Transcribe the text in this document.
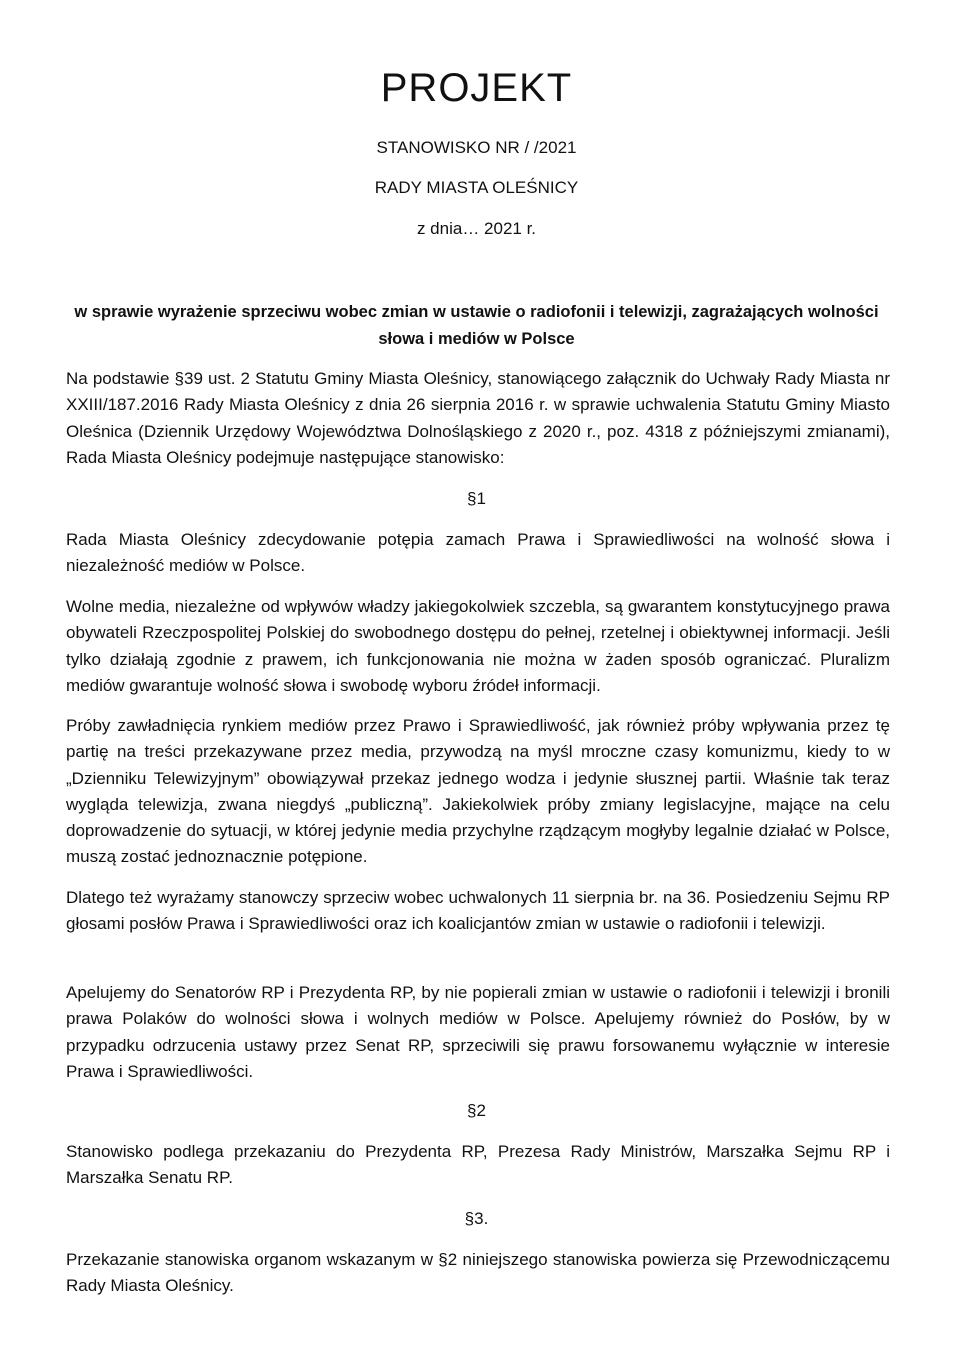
PROJEKT
STANOWISKO NR / /2021
RADY MIASTA OLEŚNICY
z dnia… 2021 r.
w sprawie wyrażenie sprzeciwu wobec zmian w ustawie o radiofonii i telewizji, zagrażających wolności słowa i mediów w Polsce

Na podstawie §39 ust. 2 Statutu Gminy Miasta Oleśnicy, stanowiącego załącznik do Uchwały Rady Miasta nr XXIII/187.2016 Rady Miasta Oleśnicy z dnia 26 sierpnia 2016 r. w sprawie uchwalenia Statutu Gminy Miasto Oleśnica (Dziennik Urzędowy Województwa Dolnośląskiego z 2020 r., poz. 4318 z późniejszymi zmianami), Rada Miasta Oleśnicy podejmuje następujące stanowisko:

§1

Rada Miasta Oleśnicy zdecydowanie potępia zamach Prawa i Sprawiedliwości na wolność słowa i niezależność mediów w Polsce.

Wolne media, niezależne od wpływów władzy jakiegokolwiek szczebla, są gwarantem konstytucyjnego prawa obywateli Rzeczpospolitej Polskiej do swobodnego dostępu do pełnej, rzetelnej i obiektywnej informacji. Jeśli tylko działają zgodnie z prawem, ich funkcjonowania nie można w żaden sposób ograniczać. Pluralizm mediów gwarantuje wolność słowa i swobodę wyboru źródeł informacji.

Próby zawładnięcia rynkiem mediów przez Prawo i Sprawiedliwość, jak również próby wpływania przez tę partię na treści przekazywane przez media, przywodzą na myśl mroczne czasy komunizmu, kiedy to w „Dzienniku Telewizyjnym” obowiązywał przekaz jednego wodza i jedynie słusznej partii. Właśnie tak teraz wygląda telewizja, zwana niegdyś „publiczną”. Jakiekolwiek próby zmiany legislacyjne, mające na celu doprowadzenie do sytuacji, w której jedynie media przychylne rządzącym mogłyby legalnie działać w Polsce, muszą zostać jednoznacznie potępione.

Dlatego też wyrażamy stanowczy sprzeciw wobec uchwalonych 11 sierpnia br. na 36. Posiedzeniu Sejmu RP głosami posłów Prawa i Sprawiedliwości oraz ich koalicjantów zmian w ustawie o radiofonii i telewizji.

Apelujemy do Senatorów RP i Prezydenta RP, by nie popierali zmian w ustawie o radiofonii i telewizji i bronili prawa Polaków do wolności słowa i wolnych mediów w Polsce. Apelujemy również do Posłów, by w przypadku odrzucenia ustawy przez Senat RP, sprzeciwili się prawu forsowanemu wyłącznie w interesie Prawa i Sprawiedliwości.

§2

Stanowisko podlega przekazaniu do Prezydenta RP, Prezesa Rady Ministrów, Marszałka Sejmu RP i Marszałka Senatu RP.

§3.

Przekazanie stanowiska organom wskazanym w §2 niniejszego stanowiska powierza się Przewodniczącemu Rady Miasta Oleśnicy.
